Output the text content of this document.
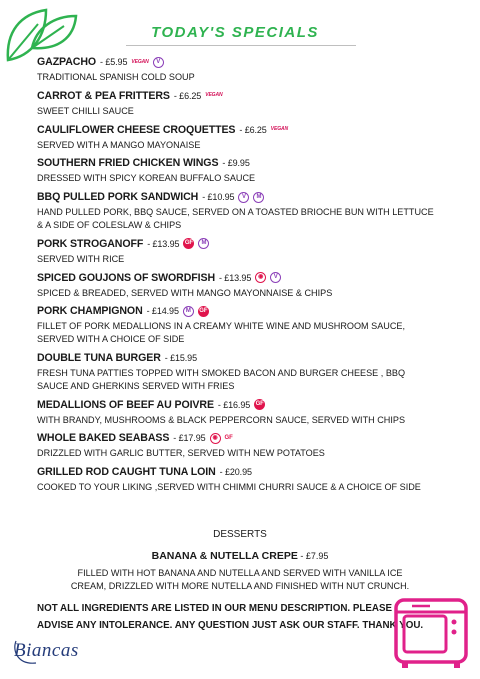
TODAY'S SPECIALS
GAZPACHO - £5.95 VEGAN	V
TRADITIONAL SPANISH COLD SOUP
CARROT & PEA FRITTERS - £6.25 VEGAN
SWEET CHILLI SAUCE
CAULIFLOWER CHEESE CROQUETTES - £6.25 VEGAN
SERVED WITH A MANGO MAYONAISE
SOUTHERN FRIED CHICKEN WINGS - £9.95
DRESSED WITH SPICY KOREAN BUFFALO SAUCE
BBQ PULLED PORK SANDWICH - £10.95	V	M
HAND PULLED PORK, BBQ SAUCE, SERVED ON A TOASTED BRIOCHE BUN WITH LETTUCE & A SIDE OF COLESLAW & CHIPS
PORK STROGANOFF - £13.95 GF	M
SERVED WITH RICE
SPICED GOUJONS OF SWORDFISH - £13.95	◉	V
SPICED & BREADED, SERVED WITH MANGO MAYONNAISE & CHIPS
PORK CHAMPIGNON - £14.95	M	GF
FILLET OF PORK MEDALLIONS IN A CREAMY WHITE WINE AND MUSHROOM SAUCE, SERVED WITH A CHOICE OF SIDE
DOUBLE TUNA BURGER - £15.95
FRESH TUNA PATTIES TOPPED WITH SMOKED BACON AND BURGER CHEESE , BBQ SAUCE AND GHERKINS SERVED WITH FRIES
MEDALLIONS OF BEEF AU POIVRE - £16.95 GF
WITH BRANDY, MUSHROOMS & BLACK PEPPERCORN SAUCE, SERVED WITH CHIPS
WHOLE BAKED SEABASS - £17.95	◉	GF
DRIZZLED WITH GARLIC BUTTER, SERVED WITH NEW POTATOES
GRILLED ROD CAUGHT TUNA LOIN - £20.95
COOKED TO YOUR LIKING ,SERVED WITH CHIMMI CHURRI SAUCE & A CHOICE OF SIDE
DESSERTS
BANANA & NUTELLA CREPE - £7.95
FILLED WITH HOT BANANA AND NUTELLA AND SERVED WITH VANILLA ICE CREAM, DRIZZLED WITH MORE NUTELLA AND FINISHED WITH NUT CRUNCH.
NOT ALL INGREDIENTS ARE LISTED IN OUR MENU DESCRIPTION. PLEASE ADVISE ANY INTOLERANCE. ANY QUESTION JUST ASK OUR STAFF. THANK YOU.
Biancas
